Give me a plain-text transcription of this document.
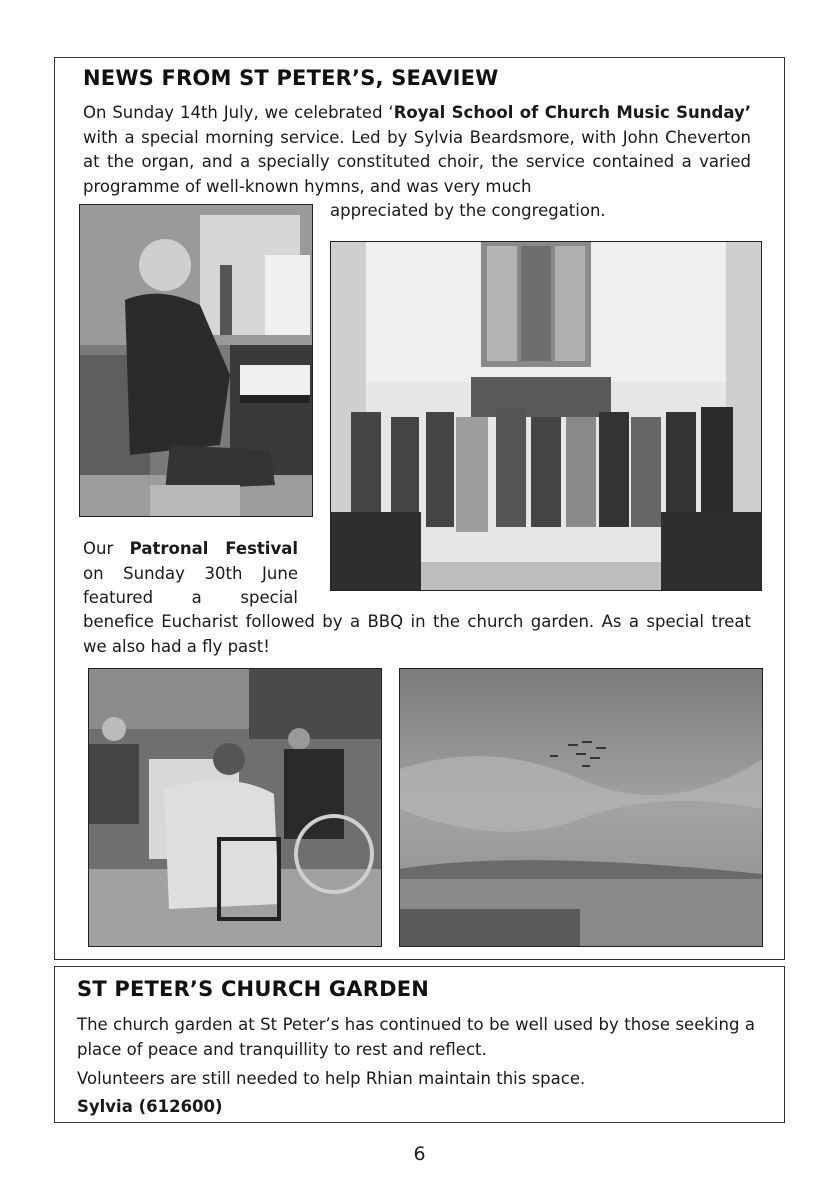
NEWS FROM ST PETER’S, SEAVIEW

On Sunday 14th July, we celebrated ‘Royal School of Church Music Sunday’ with a special morning service. Led by Sylvia Beardsmore, with John Cheverton at the organ, and a specially constituted choir, the service contained a varied programme of well-known hymns, and was very much

appreciated by the congregation.

Our Patronal Festival
on Sunday 30th June
featured a special

benefice Eucharist followed by a BBQ in the church garden. As a special treat we also had a fly past!

ST PETER’S CHURCH GARDEN

The church garden at St Peter’s has continued to be well used by those seeking a place of peace and tranquillity to rest and reflect.

Volunteers are still needed to help Rhian maintain this space.

Sylvia (612600)

6
